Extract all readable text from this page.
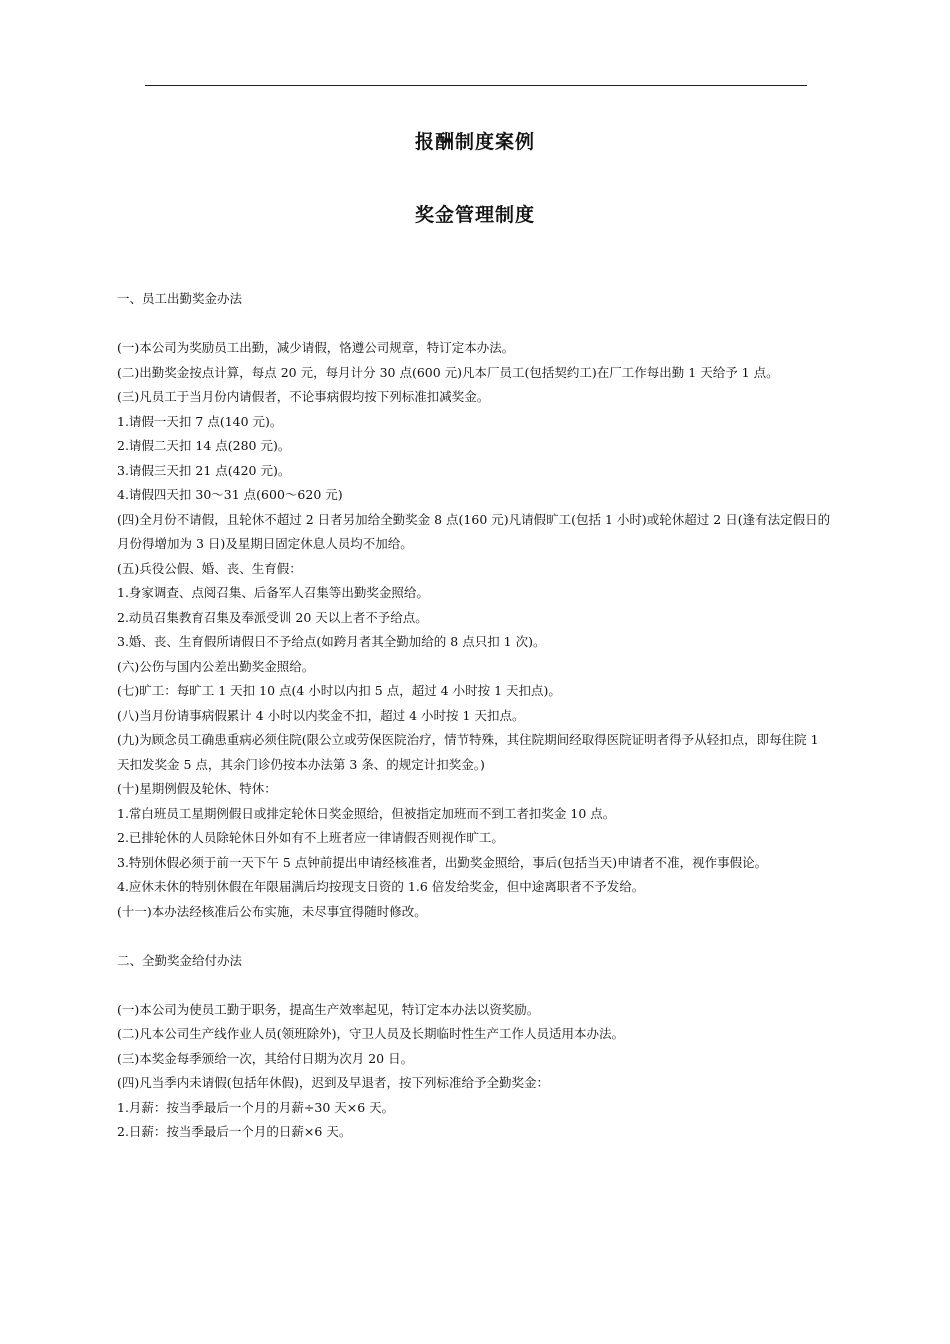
报酬制度案例
奖金管理制度

一、员工出勤奖金办法

(一)本公司为奖励员工出勤，减少请假，恪遵公司规章，特订定本办法。

(二)出勤奖金按点计算，每点 20 元，每月计分 30 点(600 元)凡本厂员工(包括契约工)在厂工作每出勤 1 天给予 1 点。

(三)凡员工于当月份内请假者，不论事病假均按下列标准扣减奖金。

1.请假一天扣 7 点(140 元)。

2.请假二天扣 14 点(280 元)。

3.请假三天扣 21 点(420 元)。

4.请假四天扣 30～31 点(600～620 元)

(四)全月份不请假，且轮休不超过 2 日者另加给全勤奖金 8 点(160 元)凡请假旷工(包括 1 小时)或轮休超过 2 日(逢有法定假日的月份得增加为 3 日)及星期日固定休息人员均不加给。

(五)兵役公假、婚、丧、生育假：

1.身家调查、点阅召集、后备军人召集等出勤奖金照给。

2.动员召集教育召集及奉派受训 20 天以上者不予给点。

3.婚、丧、生育假所请假日不予给点(如跨月者其全勤加给的 8 点只扣 1 次)。

(六)公伤与国内公差出勤奖金照给。

(七)旷工：每旷工 1 天扣 10 点(4 小时以内扣 5 点，超过 4 小时按 1 天扣点)。

(八)当月份请事病假累计 4 小时以内奖金不扣，超过 4 小时按 1 天扣点。

(九)为顾念员工确患重病必须住院(限公立或劳保医院治疗，情节特殊，其住院期间经取得医院证明者得予从轻扣点，即每住院 1 天扣发奖金 5 点，其余门诊仍按本办法第 3 条、的规定计扣奖金。)

(十)星期例假及轮休、特休：

1.常白班员工星期例假日或排定轮休日奖金照给，但被指定加班而不到工者扣奖金 10 点。

2.已排轮休的人员除轮休日外如有不上班者应一律请假否则视作旷工。

3.特别休假必须于前一天下午 5 点钟前提出申请经核准者，出勤奖金照给，事后(包括当天)申请者不准，视作事假论。

4.应休未休的特别休假在年限届满后均按现支日资的 1.6 倍发给奖金，但中途离职者不予发给。

(十一)本办法经核准后公布实施，未尽事宜得随时修改。

二、全勤奖金给付办法

(一)本公司为使员工勤于职务，提高生产效率起见，特订定本办法以资奖励。

(二)凡本公司生产线作业人员(领班除外)，守卫人员及长期临时性生产工作人员适用本办法。

(三)本奖金每季颁给一次，其给付日期为次月 20 日。

(四)凡当季内未请假(包括年休假)，迟到及早退者，按下列标准给予全勤奖金：

1.月薪：按当季最后一个月的月薪÷30 天×6 天。

2.日薪：按当季最后一个月的日薪×6 天。
